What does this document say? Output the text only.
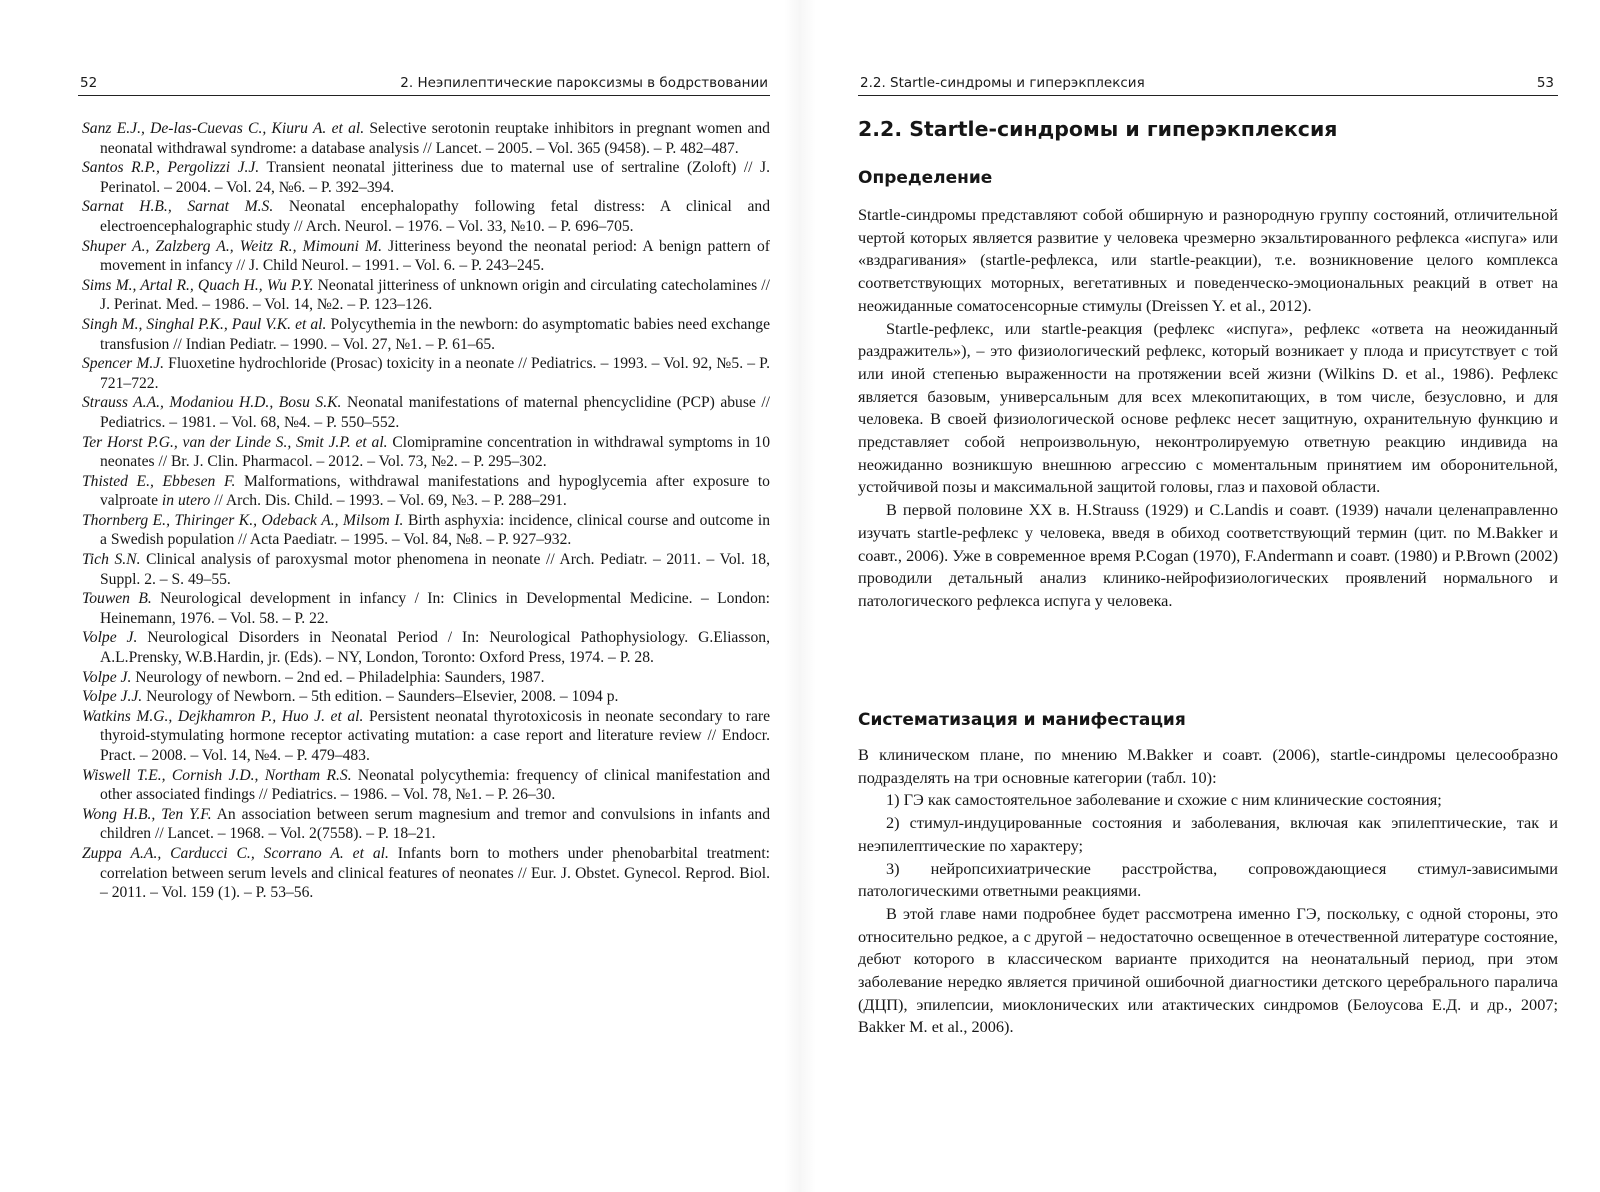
52	2. Неэпилептические пароксизмы в бодрствовании

Sanz E.J., De-las-Cuevas C., Kiuru A. et al. Selective serotonin reuptake inhibitors in pregnant women and neonatal withdrawal syndrome: a database analysis // Lancet. – 2005. – Vol. 365 (9458). – P. 482–487.

Santos R.P., Pergolizzi J.J. Transient neonatal jitteriness due to maternal use of sertraline (Zoloft) // J. Perinatol. – 2004. – Vol. 24, №6. – P. 392–394.

Sarnat H.B., Sarnat M.S. Neonatal encephalopathy following fetal distress: A clinical and electroencephalographic study // Arch. Neurol. – 1976. – Vol. 33, №10. – P. 696–705.

Shuper A., Zalzberg A., Weitz R., Mimouni M. Jitteriness beyond the neonatal period: A benign pattern of movement in infancy // J. Child Neurol. – 1991. – Vol. 6. – P. 243–245.

Sims M., Artal R., Quach H., Wu P.Y. Neonatal jitteriness of unknown origin and circulating catecholamines // J. Perinat. Med. – 1986. – Vol. 14, №2. – P. 123–126.

Singh M., Singhal P.K., Paul V.K. et al. Polycythemia in the newborn: do asymptomatic babies need exchange transfusion // Indian Pediatr. – 1990. – Vol. 27, №1. – P. 61–65.

Spencer M.J. Fluoxetine hydrochloride (Prosac) toxicity in a neonate // Pediatrics. – 1993. – Vol. 92, №5. – P. 721–722.

Strauss A.A., Modaniou H.D., Bosu S.K. Neonatal manifestations of maternal phencyclidine (PCP) abuse // Pediatrics. – 1981. – Vol. 68, №4. – P. 550–552.

Ter Horst P.G., van der Linde S., Smit J.P. et al. Clomipramine concentration in withdrawal symptoms in 10 neonates // Br. J. Clin. Pharmacol. – 2012. – Vol. 73, №2. – P. 295–302.

Thisted E., Ebbesen F. Malformations, withdrawal manifestations and hypoglycemia after exposure to valproate in utero // Arch. Dis. Child. – 1993. – Vol. 69, №3. – P. 288–291.

Thornberg E., Thiringer K., Odeback A., Milsom I. Birth asphyxia: incidence, clinical course and outcome in a Swedish population // Acta Paediatr. – 1995. – Vol. 84, №8. – P. 927–932.

Tich S.N. Clinical analysis of paroxysmal motor phenomena in neonate // Arch. Pediatr. – 2011. – Vol. 18, Suppl. 2. – S. 49–55.

Touwen B. Neurological development in infancy / In: Clinics in Developmental Medicine. – London: Heinemann, 1976. – Vol. 58. – P. 22.

Volpe J. Neurological Disorders in Neonatal Period / In: Neurological Pathophysiology. G.Eliasson, A.L.Prensky, W.B.Hardin, jr. (Eds). – NY, London, Toronto: Oxford Press, 1974. – P. 28.

Volpe J. Neurology of newborn. – 2nd ed. – Philadelphia: Saunders, 1987.

Volpe J.J. Neurology of Newborn. – 5th edition. – Saunders–Elsevier, 2008. – 1094 p.

Watkins M.G., Dejkhamron P., Huo J. et al. Persistent neonatal thyrotoxicosis in neonate secondary to rare thyroid-stymulating hormone receptor activating mutation: a case report and literature review // Endocr. Pract. – 2008. – Vol. 14, №4. – P. 479–483.

Wiswell T.E., Cornish J.D., Northam R.S. Neonatal polycythemia: frequency of clinical manifestation and other associated findings // Pediatrics. – 1986. – Vol. 78, №1. – P. 26–30.

Wong H.B., Ten Y.F. An association between serum magnesium and tremor and convulsions in infants and children // Lancet. – 1968. – Vol. 2(7558). – P. 18–21.

Zuppa A.A., Carducci C., Scorrano A. et al. Infants born to mothers under phenobarbital treatment: correlation between serum levels and clinical features of neonates // Eur. J. Obstet. Gynecol. Reprod. Biol. – 2011. – Vol. 159 (1). – P. 53–56.

2.2. Startle-синдромы и гиперэкплексия	53
2.2. Startle-синдромы и гиперэкплексия
Определение

Startle-синдромы представляют собой обширную и разнородную группу состояний, отличительной чертой которых является развитие у человека чрезмерно экзальтированного рефлекса «испуга» или «вздрагивания» (startle-рефлекса, или startle-реакции), т.е. возникновение целого комплекса соответствующих моторных, вегетативных и поведенческо-эмоциональных реакций в ответ на неожиданные соматосенсорные стимулы (Dreissen Y. et al., 2012).

Startle-рефлекс, или startle-реакция (рефлекс «испуга», рефлекс «ответа на неожиданный раздражитель»), – это физиологический рефлекс, который возникает у плода и присутствует с той или иной степенью выраженности на протяжении всей жизни (Wilkins D. et al., 1986). Рефлекс является базовым, универсальным для всех млекопитающих, в том числе, безусловно, и для человека. В своей физиологической основе рефлекс несет защитную, охранительную функцию и представляет собой непроизвольную, неконтролируемую ответную реакцию индивида на неожиданно возникшую внешнюю агрессию с моментальным принятием им оборонительной, устойчивой позы и максимальной защитой головы, глаз и паховой области.

В первой половине XX в. H.Strauss (1929) и C.Landis и соавт. (1939) начали целенаправленно изучать startle-рефлекс у человека, введя в обиход соответствующий термин (цит. по M.Bakker и соавт., 2006). Уже в современное время P.Cogan (1970), F.Andermann и соавт. (1980) и P.Brown (2002) проводили детальный анализ клинико-нейрофизиологических проявлений нормального и патологического рефлекса испуга у человека.

Систематизация и манифестация

В клиническом плане, по мнению M.Bakker и соавт. (2006), startle-синдромы целесообразно подразделять на три основные категории (табл. 10):

1) ГЭ как самостоятельное заболевание и схожие с ним клинические состояния;

2) стимул-индуцированные состояния и заболевания, включая как эпилептические, так и неэпилептические по характеру;

3) нейропсихиатрические расстройства, сопровождающиеся стимул-зависимыми патологическими ответными реакциями.

В этой главе нами подробнее будет рассмотрена именно ГЭ, поскольку, с одной стороны, это относительно редкое, а с другой – недостаточно освещенное в отечественной литературе состояние, дебют которого в классическом варианте приходится на неонатальный период, при этом заболевание нередко является причиной ошибочной диагностики детского церебрального паралича (ДЦП), эпилепсии, миоклонических или атактических синдромов (Белоусова Е.Д. и др., 2007; Bakker M. et al., 2006).
